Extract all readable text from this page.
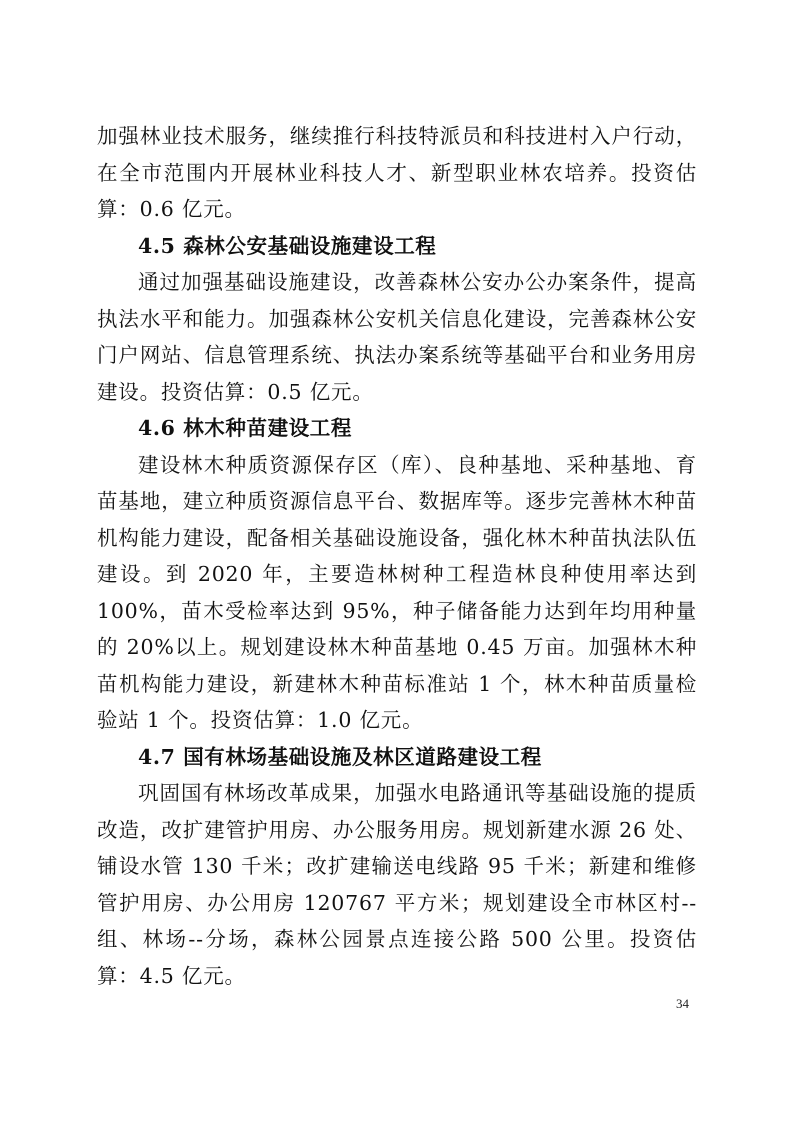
加强林业技术服务，继续推行科技特派员和科技进村入户行动，在全市范围内开展林业科技人才、新型职业林农培养。投资估算：0.6 亿元。

4.5 森林公安基础设施建设工程

通过加强基础设施建设，改善森林公安办公办案条件，提高执法水平和能力。加强森林公安机关信息化建设，完善森林公安门户网站、信息管理系统、执法办案系统等基础平台和业务用房建设。投资估算：0.5 亿元。

4.6 林木种苗建设工程

建设林木种质资源保存区（库）、良种基地、采种基地、育苗基地，建立种质资源信息平台、数据库等。逐步完善林木种苗机构能力建设，配备相关基础设施设备，强化林木种苗执法队伍建设。到 2020 年，主要造林树种工程造林良种使用率达到 100%，苗木受检率达到 95%，种子储备能力达到年均用种量的 20%以上。规划建设林木种苗基地 0.45 万亩。加强林木种苗机构能力建设，新建林木种苗标准站 1 个，林木种苗质量检验站 1 个。投资估算：1.0 亿元。

4.7 国有林场基础设施及林区道路建设工程

巩固国有林场改革成果，加强水电路通讯等基础设施的提质改造，改扩建管护用房、办公服务用房。规划新建水源 26 处、铺设水管 130 千米；改扩建输送电线路 95 千米；新建和维修管护用房、办公用房 120767 平方米；规划建设全市林区村--组、林场--分场，森林公园景点连接公路 500 公里。投资估算：4.5 亿元。

34
